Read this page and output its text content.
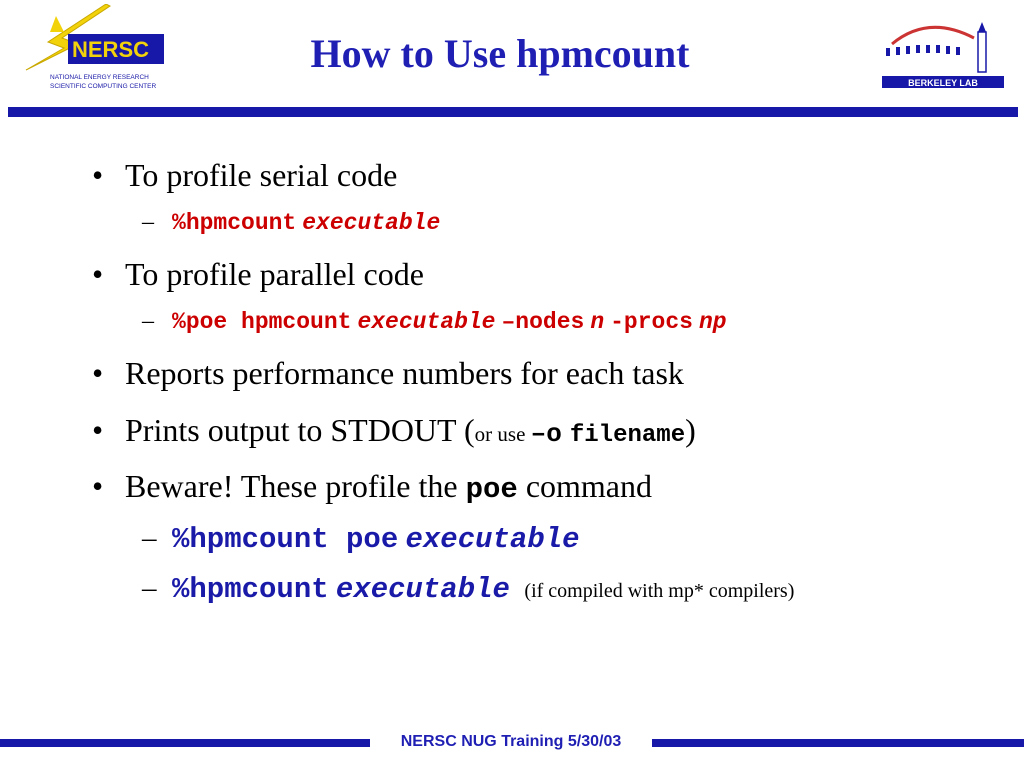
NERSC
NATIONAL ENERGY RESEARCH
SCIENTIFIC COMPUTING CENTER
How to Use hpmcount
BERKELEY LAB
• To profile serial code
– %hpmcount executable
• To profile parallel code
– %poe hpmcount executable –nodes n -procs np
• Reports performance numbers for each task
• Prints output to STDOUT (or use –o filename)
• Beware! These profile the poe command
– %hpmcount poe executable
– %hpmcount executable (if compiled with mp* compilers)
NERSC NUG Training 5/30/03
